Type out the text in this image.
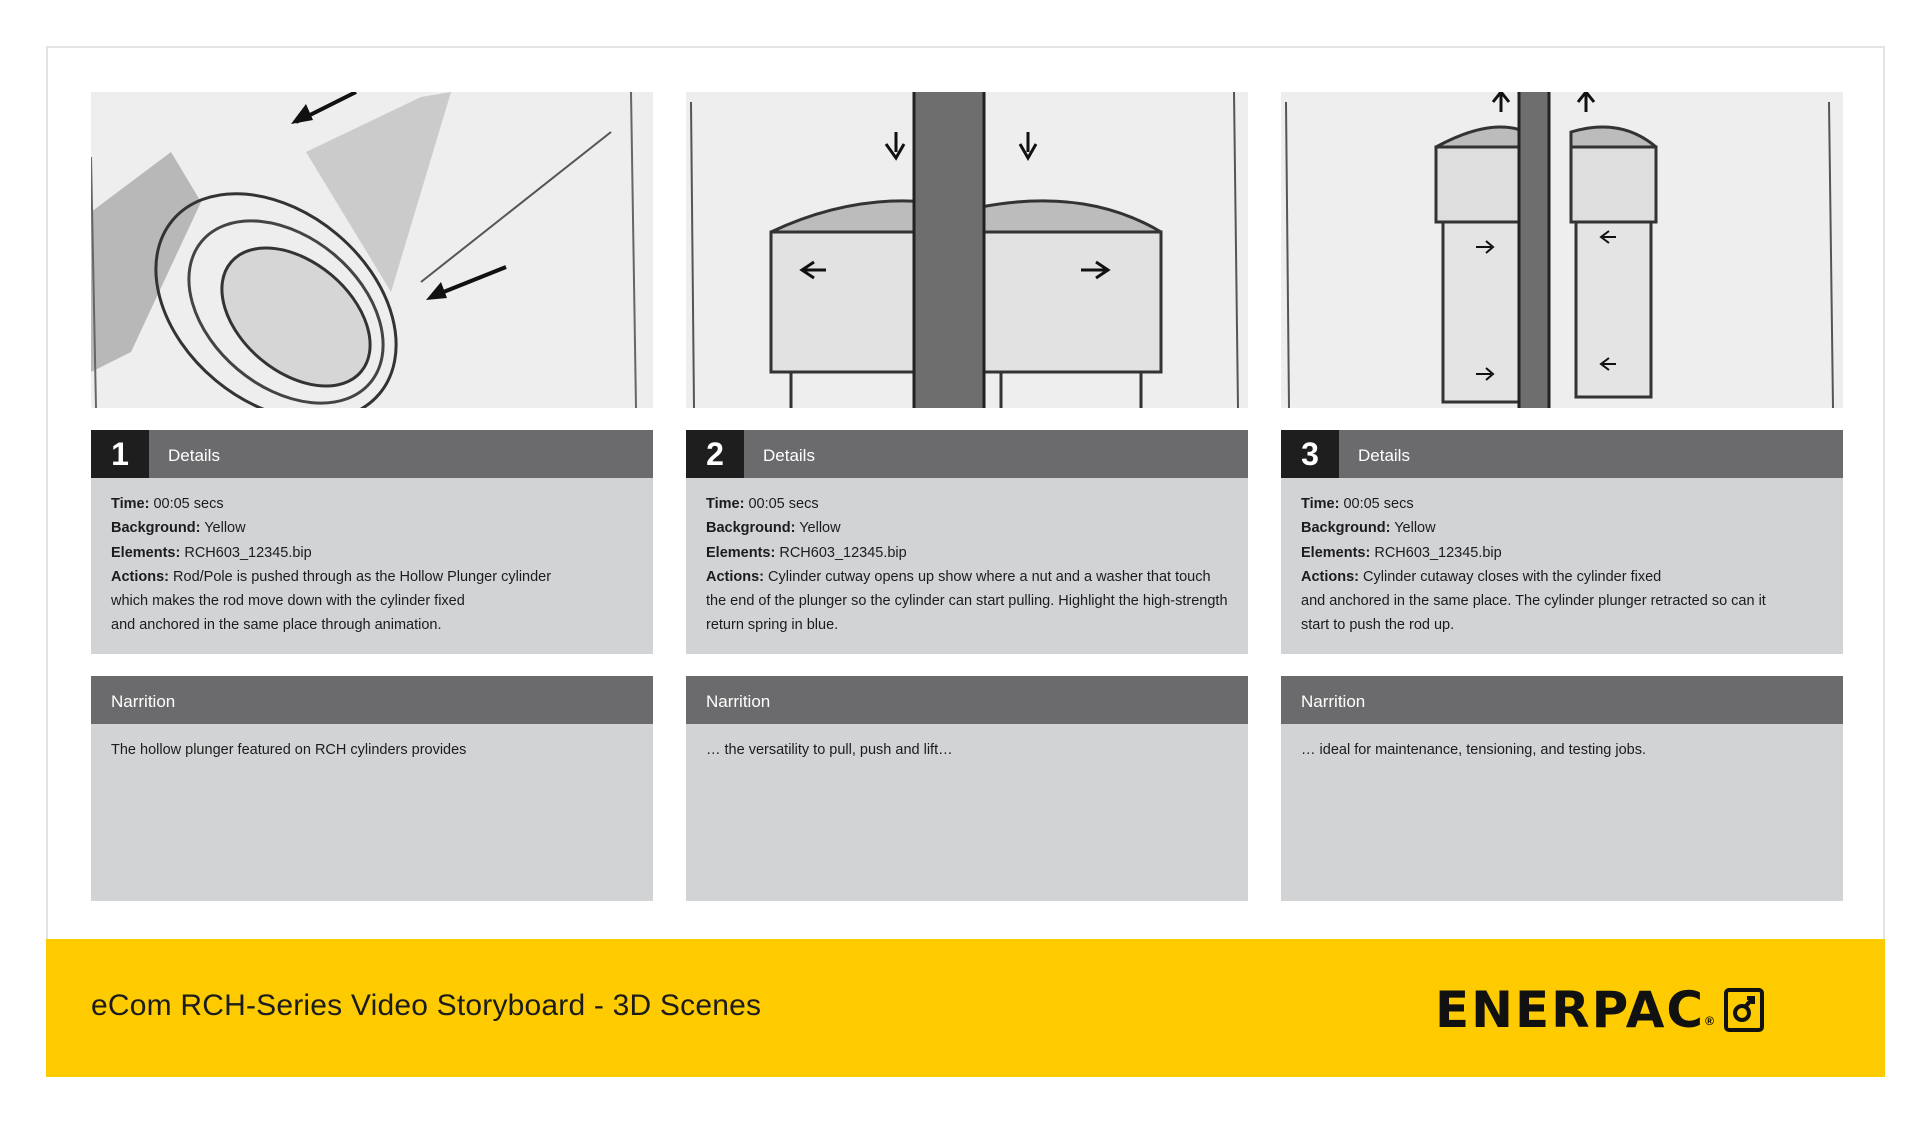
1	Details
Time: 00:05 secs
Background: Yellow
Elements: RCH603_12345.bip
Actions: Rod/Pole is pushed through as the Hollow Plunger cylinder
which makes the rod move down with the cylinder fixed
and anchored in the same place through animation.
Narrition
The hollow plunger featured on RCH cylinders provides
2	Details
Time: 00:05 secs
Background: Yellow
Elements: RCH603_12345.bip
Actions: Cylinder cutway opens up show where a nut and a washer that touch
the end of the plunger so the cylinder can start pulling. Highlight the high-strength
return spring in blue.
Narrition
… the versatility to pull, push and lift…
3	Details
Time: 00:05 secs
Background: Yellow
Elements: RCH603_12345.bip
Actions: Cylinder cutaway closes with the cylinder fixed
and anchored in the same place. The cylinder plunger retracted so can it
start to push the rod up.
Narrition
… ideal for maintenance, tensioning, and testing jobs.
eCom RCH-Series Video Storyboard - 3D Scenes	ENERPAC ®
